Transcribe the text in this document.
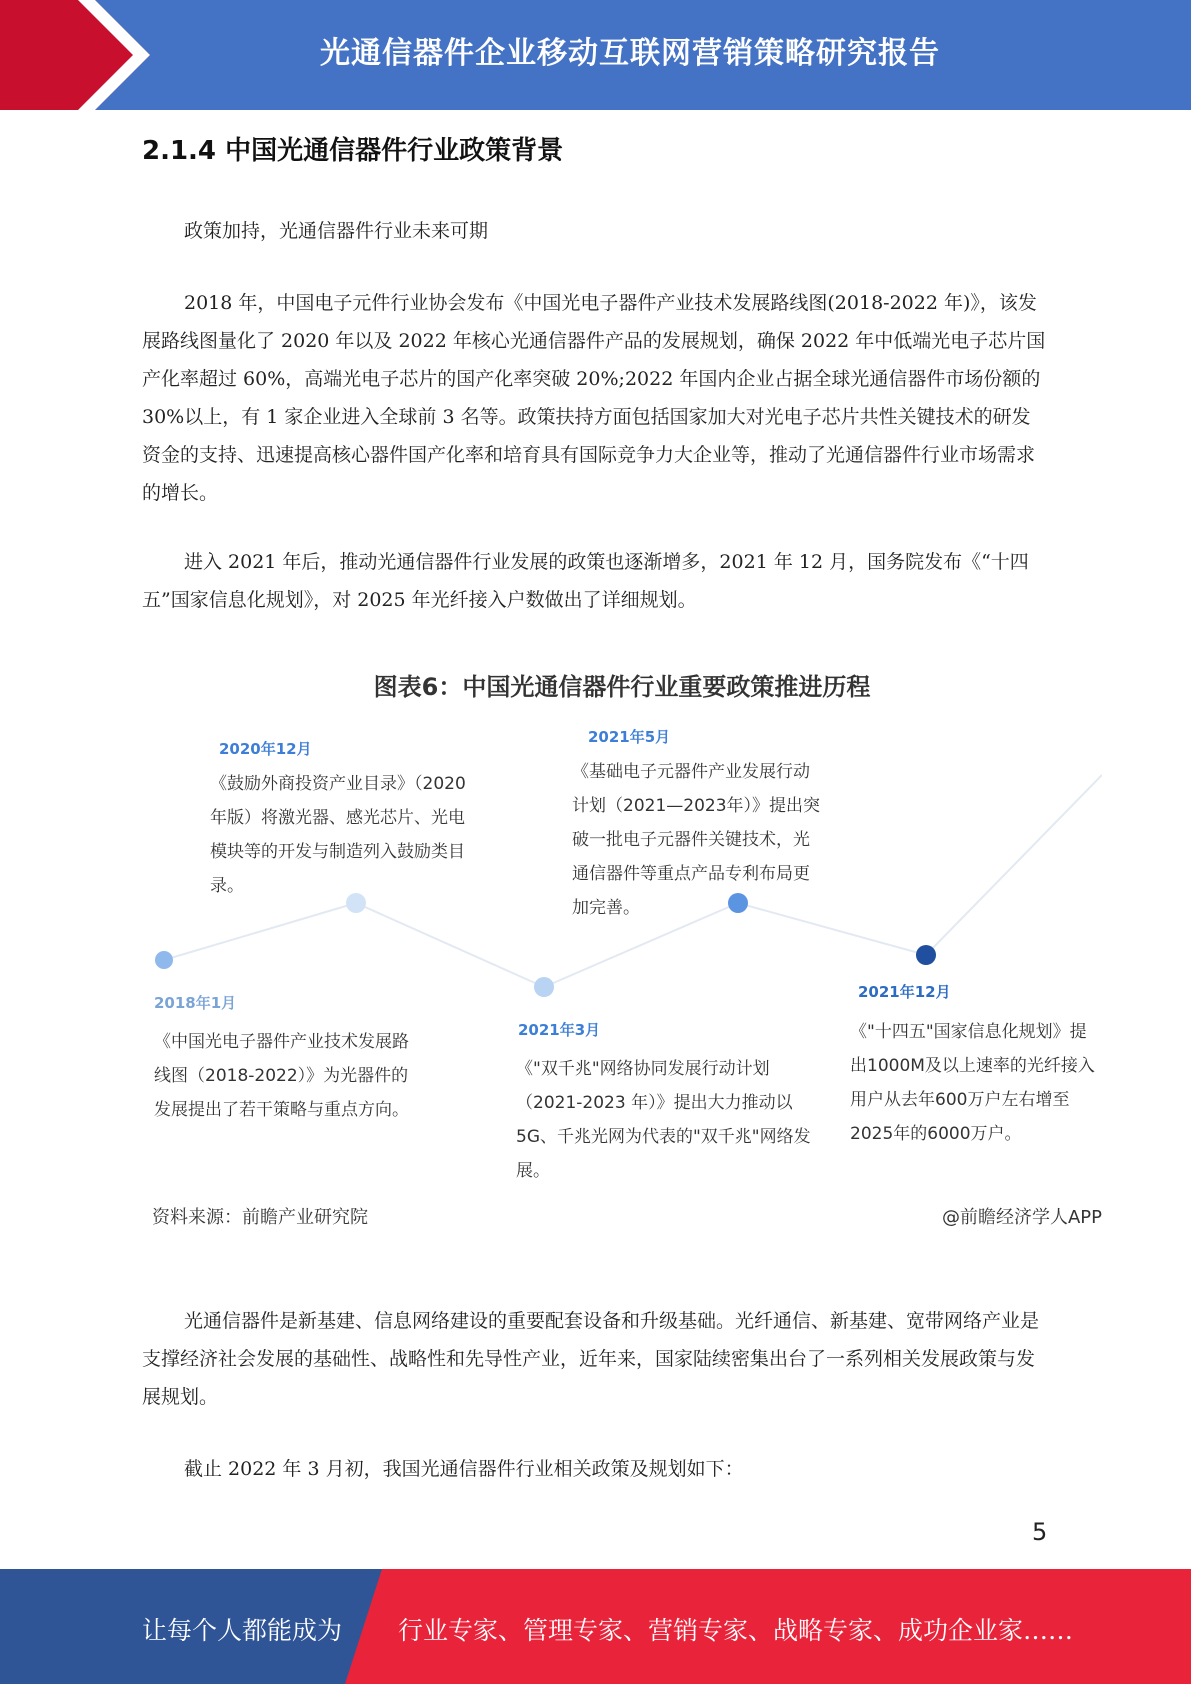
光通信器件企业移动互联网营销策略研究报告
2.1.4 中国光通信器件行业政策背景
政策加持，光通信器件行业未来可期
2018 年，中国电子元件行业协会发布《中国光电子器件产业技术发展路线图(2018-2022 年)》，该发展路线图量化了 2020 年以及 2022 年核心光通信器件产品的发展规划，确保 2022 年中低端光电子芯片国产化率超过 60%，高端光电子芯片的国产化率突破 20%;2022 年国内企业占据全球光通信器件市场份额的 30%以上，有 1 家企业进入全球前 3 名等。政策扶持方面包括国家加大对光电子芯片共性关键技术的研发资金的支持、迅速提高核心器件国产化率和培育具有国际竞争力大企业等，推动了光通信器件行业市场需求的增长。
进入 2021 年后，推动光通信器件行业发展的政策也逐渐增多，2021 年 12 月，国务院发布《“十四五”国家信息化规划》，对 2025 年光纤接入户数做出了详细规划。
图表6：中国光通信器件行业重要政策推进历程
2020年12月
《鼓励外商投资产业目录》（2020 年版）将激光器、感光芯片、光电模块等的开发与制造列入鼓励类目录。
2021年5月
《基础电子元器件产业发展行动计划（2021—2023年）》提出突破一批电子元器件关键技术，光通信器件等重点产品专利布局更加完善。
2018年1月
《中国光电子器件产业技术发展路线图（2018-2022）》为光器件的发展提出了若干策略与重点方向。
2021年3月
《"双千兆"网络协同发展行动计划（2021-2023 年）》提出大力推动以 5G、千兆光网为代表的"双千兆"网络发展。
2021年12月
《"十四五"国家信息化规划》提出1000M及以上速率的光纤接入用户从去年600万户左右增至2025年的6000万户。
资料来源：前瞻产业研究院	@前瞻经济学人APP
光通信器件是新基建、信息网络建设的重要配套设备和升级基础。光纤通信、新基建、宽带网络产业是支撑经济社会发展的基础性、战略性和先导性产业，近年来，国家陆续密集出台了一系列相关发展政策与发展规划。
截止 2022 年 3 月初，我国光通信器件行业相关政策及规划如下：
5
让每个人都能成为 行业专家、管理专家、营销专家、战略专家、成功企业家……
